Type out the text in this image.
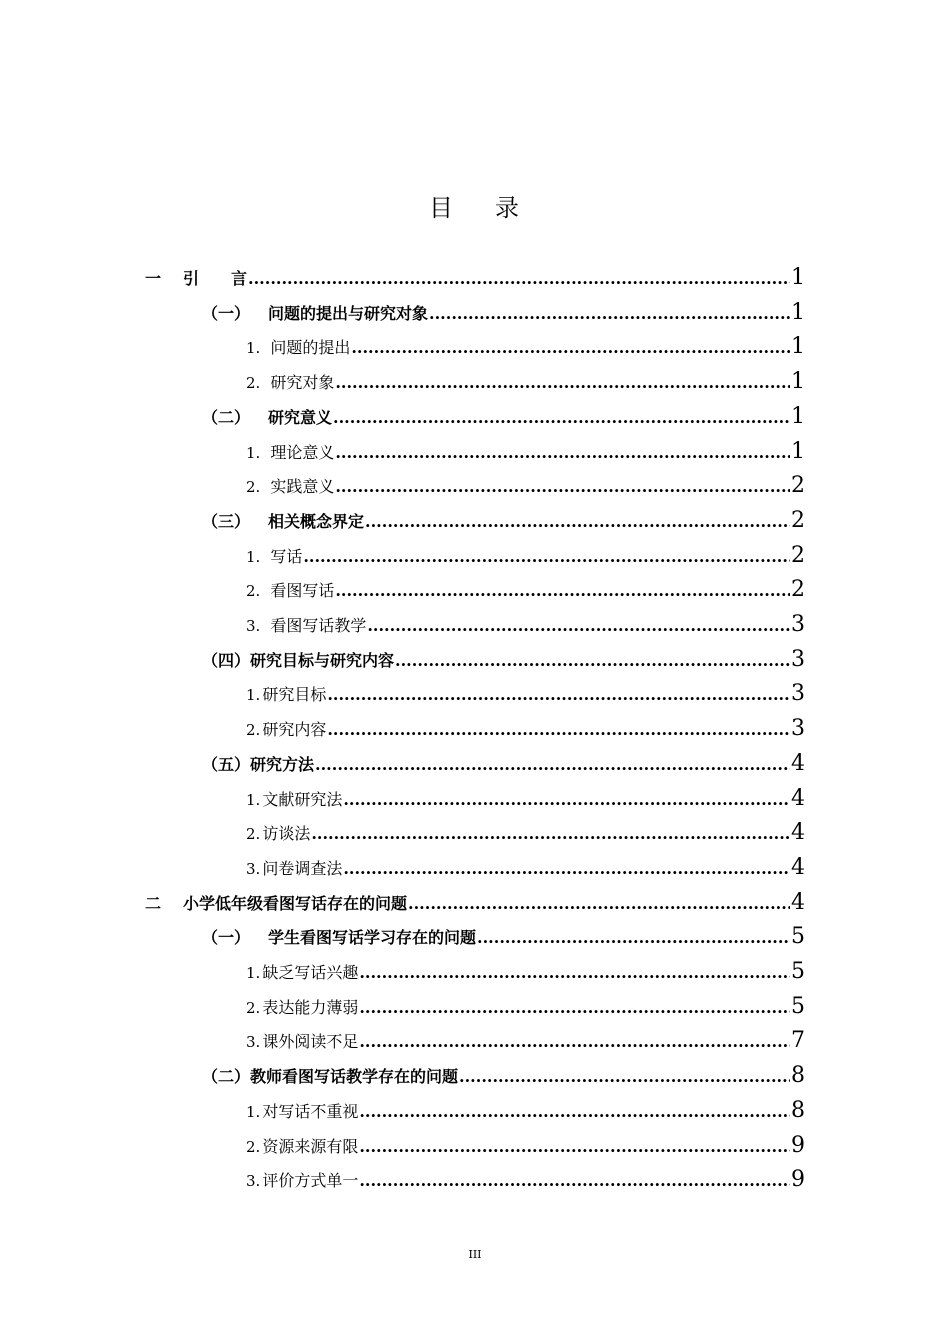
目 录
一 引　　言 .....	1
（一） 问题的提出与研究对象 .....	1
1. 问题的提出 .....	1
2. 研究对象 .....	1
（二） 研究意义 .....	1
1. 理论意义 .....	1
2. 实践意义 .....	2
（三） 相关概念界定 .....	2
1. 写话 .....	2
2. 看图写话 .....	2
3. 看图写话教学 .....	3
（四）研究目标与研究内容 .....	3
1. 研究目标 .....	3
2. 研究内容 .....	3
（五）研究方法 .....	4
1. 文献研究法 .....	4
2. 访谈法 .....	4
3. 问卷调查法 .....	4
二 小学低年级看图写话存在的问题 .....	4
（一） 学生看图写话学习存在的问题 .....	5
1. 缺乏写话兴趣 .....	5
2. 表达能力薄弱 .....	5
3. 课外阅读不足 .....	7
（二）教师看图写话教学存在的问题 .....	8
1. 对写话不重视 .....	8
2. 资源来源有限 .....	9
3. 评价方式单一 .....	9
III
